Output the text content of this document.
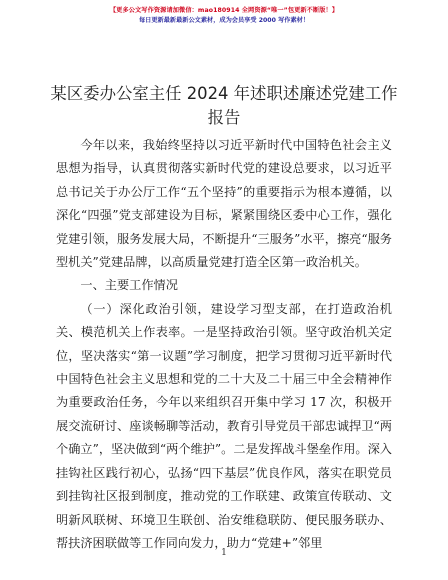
【更多公文写作资源请加微信：mao180914 全网资源“唯一”包更新不断版！】
每日更新最新最新公文素材，成为会员享受 2000 写作素材！
某区委办公室主任 2024 年述职述廉述党建工作
报告

今年以来，我始终坚持以习近平新时代中国特色社会主义思想为指导，认真贯彻落实新时代党的建设总要求，以习近平总书记关于办公厅工作“五个坚持”的重要指示为根本遵循，以深化“四强”党支部建设为目标，紧紧围绕区委中心工作，强化党建引领，服务发展大局，不断提升“三服务”水平，擦亮“服务型机关”党建品牌，以高质量党建打造全区第一政治机关。

一、主要工作情况

（一）深化政治引领，建设学习型支部，在打造政治机关、模范机关上作表率。一是坚持政治引领。坚守政治机关定位，坚决落实“第一议题”学习制度，把学习贯彻习近平新时代中国特色社会主义思想和党的二十大及二十届三中全会精神作为重要政治任务，今年以来组织召开集中学习 17 次，积极开展交流研讨、座谈畅聊等活动，教育引导党员干部忠诚捍卫“两个确立”，坚决做到“两个维护”。二是发挥战斗堡垒作用。深入挂钩社区践行初心，弘扬“四下基层”优良作风，落实在职党员到挂钩社区报到制度，推动党的工作联建、政策宣传联动、文明新风联树、环境卫生联创、治安维稳联防、便民服务联办、帮扶济困联做等工作同向发力，助力“党建+”邻里

1
